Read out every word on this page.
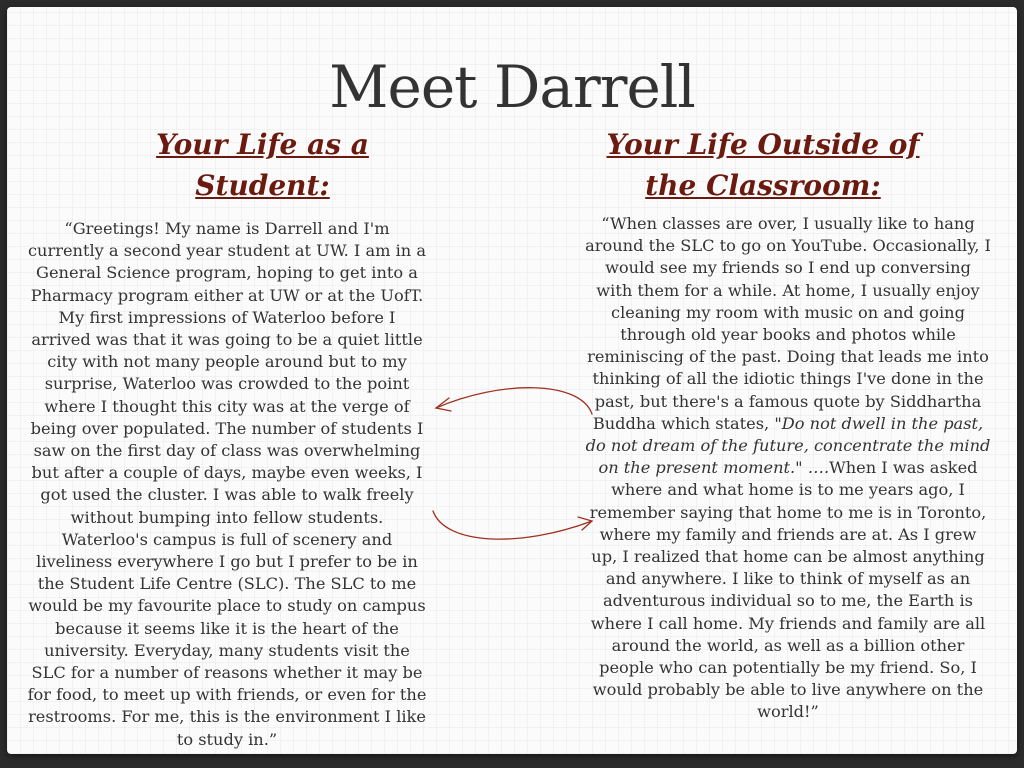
Meet Darrell
Your Life as a
Student:
Your Life Outside of
the Classroom:
“Greetings! My name is Darrell and I'm currently a second year student at UW. I am in a General Science program, hoping to get into a Pharmacy program either at UW or at the UofT. My first impressions of Waterloo before I arrived was that it was going to be a quiet little city with not many people around but to my surprise, Waterloo was crowded to the point where I thought this city was at the verge of being over populated. The number of students I saw on the first day of class was overwhelming but after a couple of days, maybe even weeks, I got used the cluster. I was able to walk freely without bumping into fellow students. Waterloo's campus is full of scenery and liveliness everywhere I go but I prefer to be in the Student Life Centre (SLC). The SLC to me would be my favourite place to study on campus because it seems like it is the heart of the university. Everyday, many students visit the SLC for a number of reasons whether it may be for food, to meet up with friends, or even for the restrooms. For me, this is the environment I like to study in.”
“When classes are over, I usually like to hang around the SLC to go on YouTube. Occasionally, I would see my friends so I end up conversing with them for a while. At home, I usually enjoy cleaning my room with music on and going through old year books and photos while reminiscing of the past. Doing that leads me into thinking of all the idiotic things I've done in the past, but there's a famous quote by Siddhartha Buddha which states, "Do not dwell in the past, do not dream of the future, concentrate the mind on the present moment." ….When I was asked where and what home is to me years ago, I remember saying that home to me is in Toronto, where my family and friends are at. As I grew up, I realized that home can be almost anything and anywhere. I like to think of myself as an adventurous individual so to me, the Earth is where I call home. My friends and family are all around the world, as well as a billion other people who can potentially be my friend. So, I would probably be able to live anywhere on the world!”
